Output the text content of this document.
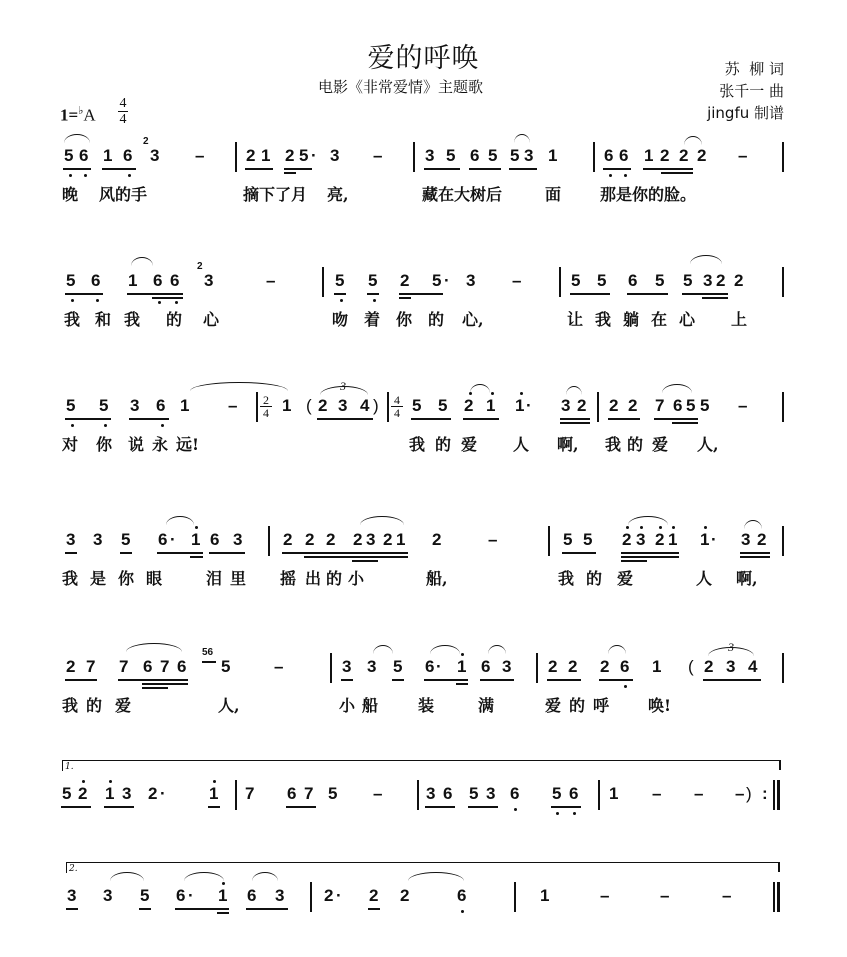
爱的呼唤
电影《非常爱情》主题歌
苏  柳 词
张千一 曲
jingfu 制谱
1=♭A
4
4
5 6 1 6
2
3 – 2 1 2 5 · 3 –	3 5 6 5 5 3 1	6 6 1 2 2 2 –
晚 风的手	摘下了月 亮,	藏在大树后	面 那是你的脸。
5 6 1 6 6
2
3	–	5 5 2 5 · 3 –	5 5 6 5 5 3 2 2
我 和 我 的 心	吻 着 你 的 心,	让 我 躺 在 心 上
5 5 3 6 1 – 2
4 1 (
3
2 3 4 ) 4
4 5 5 2 1 1 · 3 2 2 2 7 6 5 5 –
对 你 说 永 远!	我 的 爱 人 啊, 我 的 爱 人,
3 3 5 6 · 1 6 3 2 2 2 2 3 2 1 2	–	5 5 2 3 2 1 1 · 3 2
我 是 你 眼	泪 里 摇 出 的 小	船,	我 的 爱	人 啊,
2 7 7 6 7 6
56
5	–	3 3 5 6 · 1 6 3 2 2 2 6 1 (
3
2 3 4
我 的 爱	人,	小 船 装	满	爱 的 呼 唤!
1.
5 2 1 3 2 ·	1 7 6 7 5 –	3 6 5 3 6 5 6 1 – – – ) :
2.
3 3 5 6 · 1 6 3 2 · 2 2	6	1	–	–	–
